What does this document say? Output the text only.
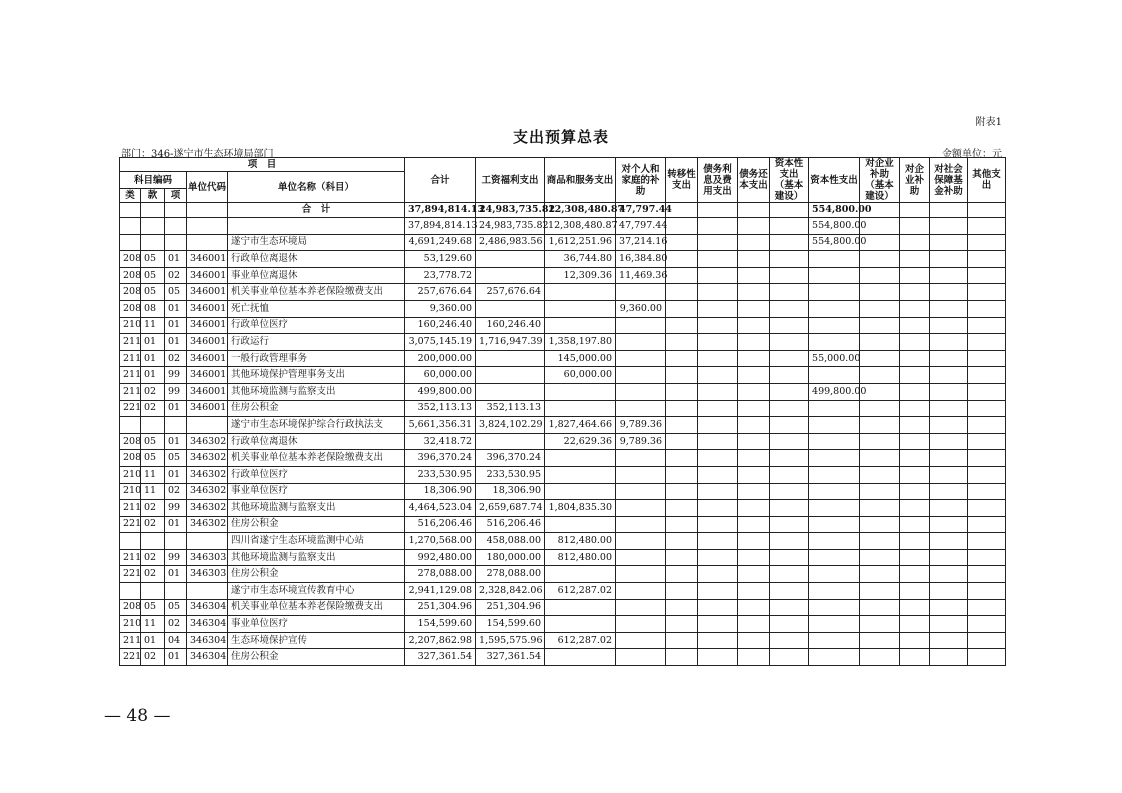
附表1
支出预算总表
部门：346-遂宁市生态环境局部门	金额单位：元
项　目					合计	工资福利支出	商品和服务支出	对个人和家庭的补助	转移性支出	债务利息及费用支出	债务还本支出	资本性支出（基本建设）	资本性支出	对企业补助（基本建设）	对企业补助	对社会保障基金补助	其他支出
科目编码			单位代码	单位名称（科目）													
类	款	项															
				合　计	37,894,814.13	24,983,735.82	12,308,480.87	47,797.44					554,800.00				
					37,894,814.13	24,983,735.82	12,308,480.87	47,797.44					554,800.00				
				遂宁市生态环境局	4,691,249.68	2,486,983.56	1,612,251.96	37,214.16					554,800.00				
208	05	01	346001	行政单位离退休	53,129.60		36,744.80	16,384.80									
208	05	02	346001	事业单位离退休	23,778.72		12,309.36	11,469.36									
208	05	05	346001	机关事业单位基本养老保险缴费支出	257,676.64	257,676.64											
208	08	01	346001	死亡抚恤	9,360.00			9,360.00									
210	11	01	346001	行政单位医疗	160,246.40	160,246.40											
211	01	01	346001	行政运行	3,075,145.19	1,716,947.39	1,358,197.80										
211	01	02	346001	一般行政管理事务	200,000.00		145,000.00						55,000.00				
211	01	99	346001	其他环境保护管理事务支出	60,000.00		60,000.00										
211	02	99	346001	其他环境监测与监察支出	499,800.00								499,800.00				
221	02	01	346001	住房公积金	352,113.13	352,113.13											
				遂宁市生态环境保护综合行政执法支	5,661,356.31	3,824,102.29	1,827,464.66	9,789.36									
208	05	01	346302	行政单位离退休	32,418.72		22,629.36	9,789.36									
208	05	05	346302	机关事业单位基本养老保险缴费支出	396,370.24	396,370.24											
210	11	01	346302	行政单位医疗	233,530.95	233,530.95											
210	11	02	346302	事业单位医疗	18,306.90	18,306.90											
211	02	99	346302	其他环境监测与监察支出	4,464,523.04	2,659,687.74	1,804,835.30										
221	02	01	346302	住房公积金	516,206.46	516,206.46											
				四川省遂宁生态环境监测中心站	1,270,568.00	458,088.00	812,480.00										
211	02	99	346303	其他环境监测与监察支出	992,480.00	180,000.00	812,480.00										
221	02	01	346303	住房公积金	278,088.00	278,088.00											
				遂宁市生态环境宣传教育中心	2,941,129.08	2,328,842.06	612,287.02										
208	05	05	346304	机关事业单位基本养老保险缴费支出	251,304.96	251,304.96											
210	11	02	346304	事业单位医疗	154,599.60	154,599.60											
211	01	04	346304	生态环境保护宣传	2,207,862.98	1,595,575.96	612,287.02										
221	02	01	346304	住房公积金	327,361.54	327,361.54											
— 48 —
